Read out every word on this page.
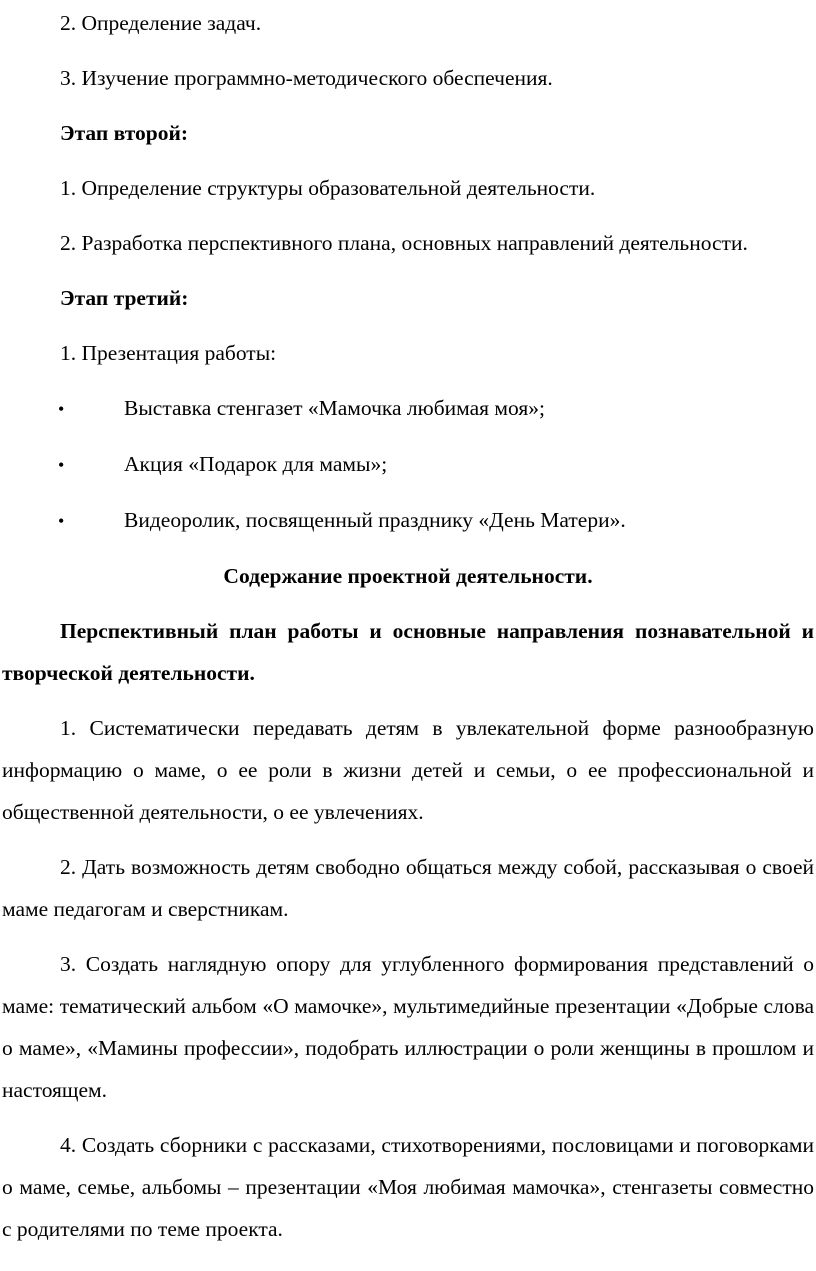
2. Определение задач.

3. Изучение программно-методического обеспечения.

Этап второй:

1. Определение структуры образовательной деятельности.

2. Разработка перспективного плана, основных направлений деятельности.

Этап третий:

1. Презентация работы:

•	Выставка стенгазет «Мамочка любимая моя»;
•	Акция «Подарок для мамы»;
•	Видеоролик, посвященный празднику «День Матери».

Содержание проектной деятельности.

Перспективный план работы и основные направления познавательной и творческой деятельности.

1. Систематически передавать детям в увлекательной форме разнообразную информацию о маме, о ее роли в жизни детей и семьи, о ее профессиональной и общественной деятельности, о ее увлечениях.

2. Дать возможность детям свободно общаться между собой, рассказывая о своей маме педагогам и сверстникам.

3. Создать наглядную опору для углубленного формирования представлений о маме: тематический альбом «О мамочке», мультимедийные презентации «Добрые слова о маме», «Мамины профессии», подобрать иллюстрации о роли женщины в прошлом и настоящем.

4. Создать сборники с рассказами, стихотворениями, пословицами и поговорками о маме, семье, альбомы – презентации «Моя любимая мамочка», стенгазеты совместно с родителями по теме проекта.
